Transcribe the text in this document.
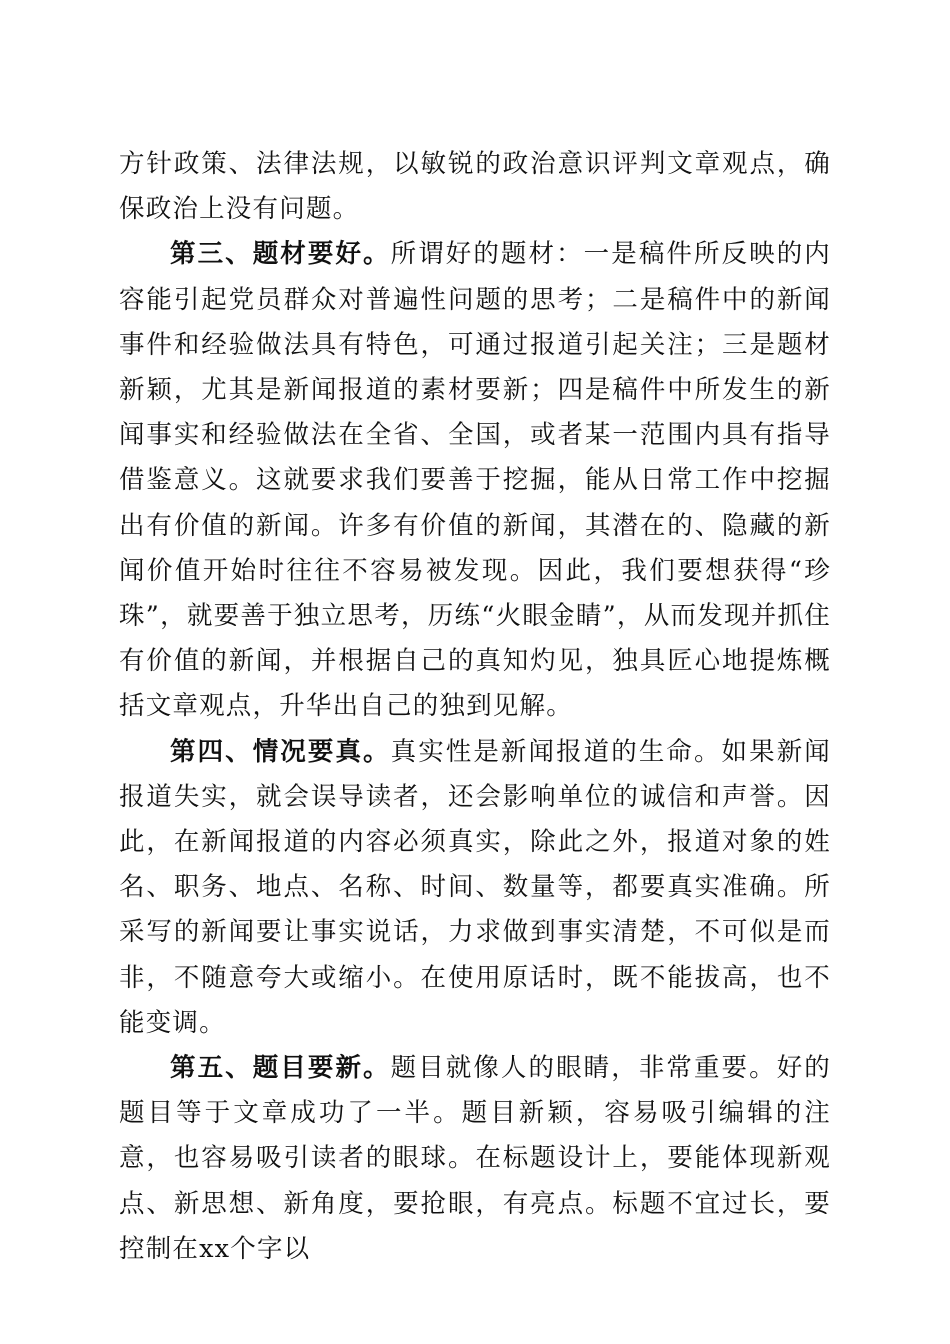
方针政策、法律法规，以敏锐的政治意识评判文章观点，确保政治上没有问题。

第三、题材要好。所谓好的题材：一是稿件所反映的内容能引起党员群众对普遍性问题的思考；二是稿件中的新闻事件和经验做法具有特色，可通过报道引起关注；三是题材新颖，尤其是新闻报道的素材要新；四是稿件中所发生的新闻事实和经验做法在全省、全国，或者某一范围内具有指导借鉴意义。这就要求我们要善于挖掘，能从日常工作中挖掘出有价值的新闻。许多有价值的新闻，其潜在的、隐藏的新闻价值开始时往往不容易被发现。因此，我们要想获得“珍珠”，就要善于独立思考，历练“火眼金睛”，从而发现并抓住有价值的新闻，并根据自己的真知灼见，独具匠心地提炼概括文章观点，升华出自己的独到见解。

第四、情况要真。真实性是新闻报道的生命。如果新闻报道失实，就会误导读者，还会影响单位的诚信和声誉。因此，在新闻报道的内容必须真实，除此之外，报道对象的姓名、职务、地点、名称、时间、数量等，都要真实准确。所采写的新闻要让事实说话，力求做到事实清楚，不可似是而非，不随意夸大或缩小。在使用原话时，既不能拔高，也不能变调。

第五、题目要新。题目就像人的眼睛，非常重要。好的题目等于文章成功了一半。题目新颖，容易吸引编辑的注意，也容易吸引读者的眼球。在标题设计上，要能体现新观点、新思想、新角度，要抢眼，有亮点。标题不宜过长，要控制在xx个字以
